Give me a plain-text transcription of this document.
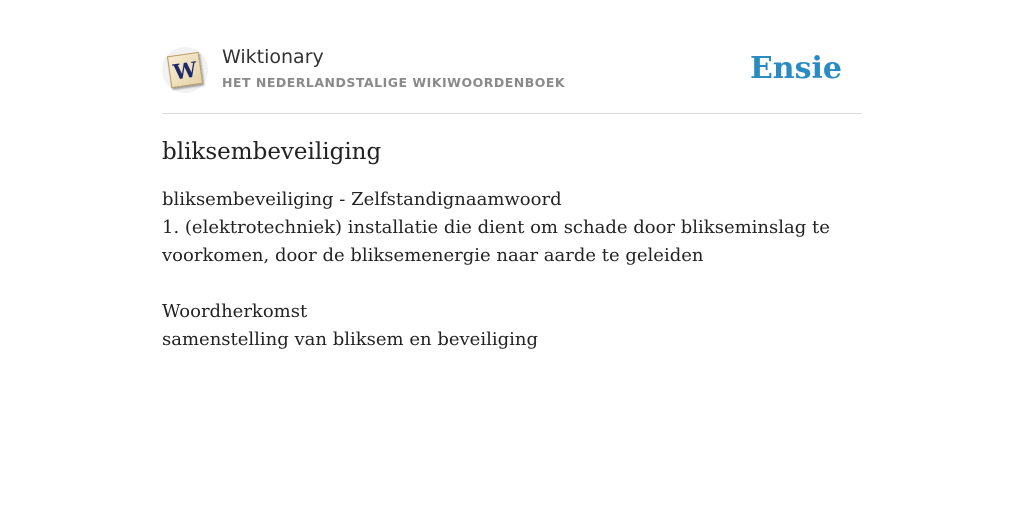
W Wiktionary
HET NEDERLANDSTALIGE WIKIWOORDENBOEK	Ensie
bliksembeveiliging

bliksembeveiliging - Zelfstandignaamwoord

1. (elektrotechniek) installatie die dient om schade door blikseminslag te voorkomen, door de bliksemenergie naar aarde te geleiden

Woordherkomst

samenstelling van bliksem en beveiliging
